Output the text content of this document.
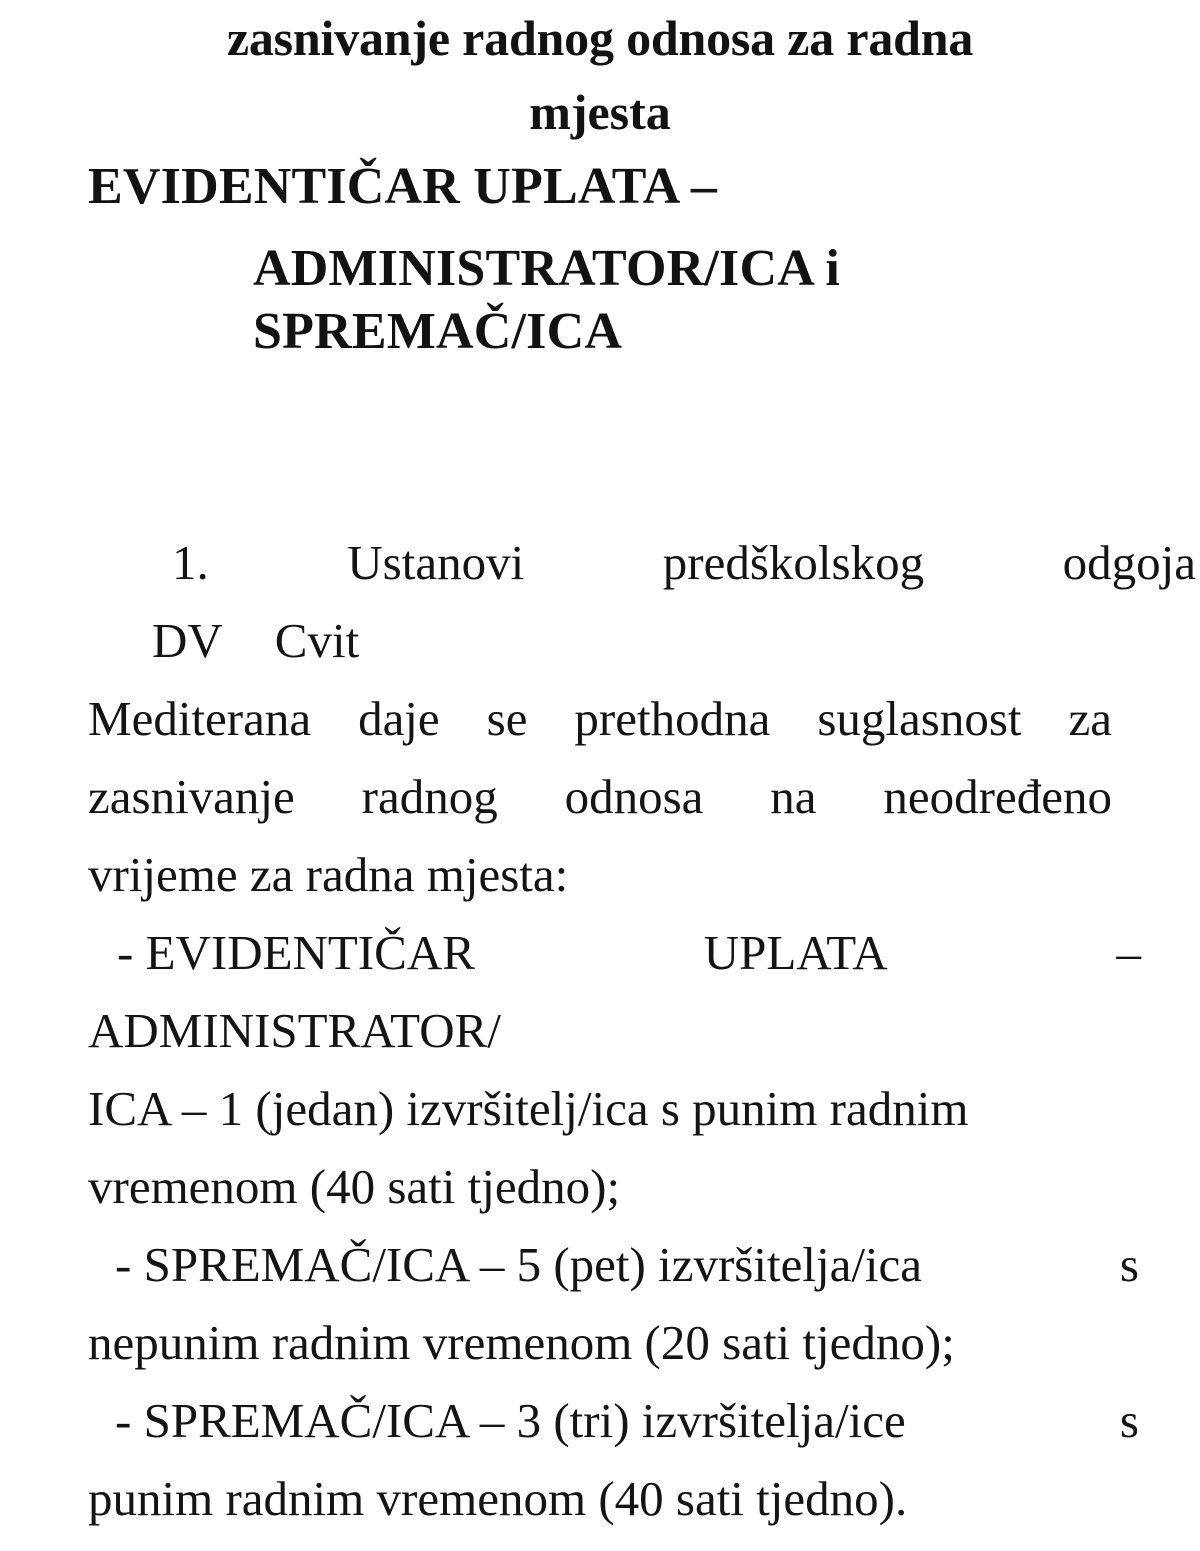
zasnivanje radnog odnosa za radna
mjesta
EVIDENTIČAR UPLATA –
ADMINISTRATOR/ICA i
SPREMAČ/ICA
1.	Ustanovi	predškolskog	odgoja
DV Cvit
Mediterana daje se prethodna suglasnost za
zasnivanje radnog odnosa na neodređeno
vrijeme za radna mjesta:
- EVIDENTIČAR	UPLATA	–
ADMINISTRATOR/
ICA – 1 (jedan) izvršitelj/ica s punim radnim
vremenom (40 sati tjedno);
- SPREMAČ/ICA – 5 (pet) izvršitelja/ica	s
nepunim radnim vremenom (20 sati tjedno);
- SPREMAČ/ICA – 3 (tri) izvršitelja/ice	s
punim radnim vremenom (40 sati tjedno).
